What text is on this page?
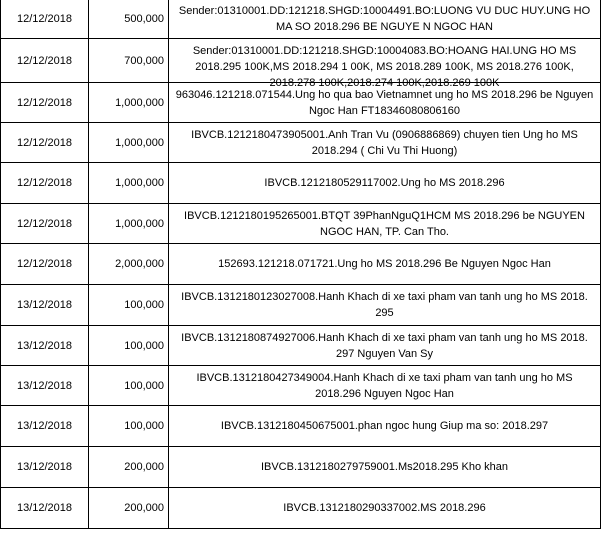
12/12/2018	500,000	Sender:01310001.DD:121218.SHGD:10004491.BO:LUONG VU DUC HUY.UNG HO MA SO 2018.296 BE NGUYE N NGOC HAN
12/12/2018	700,000	Sender:01310001.DD:121218.SHGD:10004083.BO:HOANG HAI.UNG HO MS 2018.295 100K,MS 2018.294 1 00K, MS 2018.289 100K, MS 2018.276 100K, 2018.278 100K,2018.274 100K,2018.269 100K

12/12/2018	1,000,000	963046.121218.071544.Ung ho qua bao Vietnamnet ung ho MS 2018.296 be Nguyen Ngoc Han FT18346080806160
12/12/2018	1,000,000	IBVCB.1212180473905001.Anh Tran Vu (0906886869) chuyen tien Ung ho MS 2018.294 ( Chi Vu Thi Huong)
12/12/2018	1,000,000	IBVCB.1212180529117002.Ung ho MS 2018.296
12/12/2018	1,000,000	IBVCB.1212180195265001.BTQT 39PhanNguQ1HCM MS 2018.296 be NGUYEN NGOC HAN, TP. Can Tho.
12/12/2018	2,000,000	152693.121218.071721.Ung ho MS 2018.296 Be Nguyen Ngoc Han
13/12/2018	100,000	IBVCB.1312180123027008.Hanh Khach di xe taxi pham van tanh ung ho MS 2018. 295
13/12/2018	100,000	IBVCB.1312180874927006.Hanh Khach di xe taxi pham van tanh ung ho MS 2018. 297 Nguyen Van Sy
13/12/2018	100,000	IBVCB.1312180427349004.Hanh Khach di xe taxi pham van tanh ung ho MS 2018.296 Nguyen Ngoc Han
13/12/2018	100,000	IBVCB.1312180450675001.phan ngoc hung Giup ma so: 2018.297
13/12/2018	200,000	IBVCB.1312180279759001.Ms2018.295 Kho khan
13/12/2018	200,000	IBVCB.1312180290337002.MS 2018.296
